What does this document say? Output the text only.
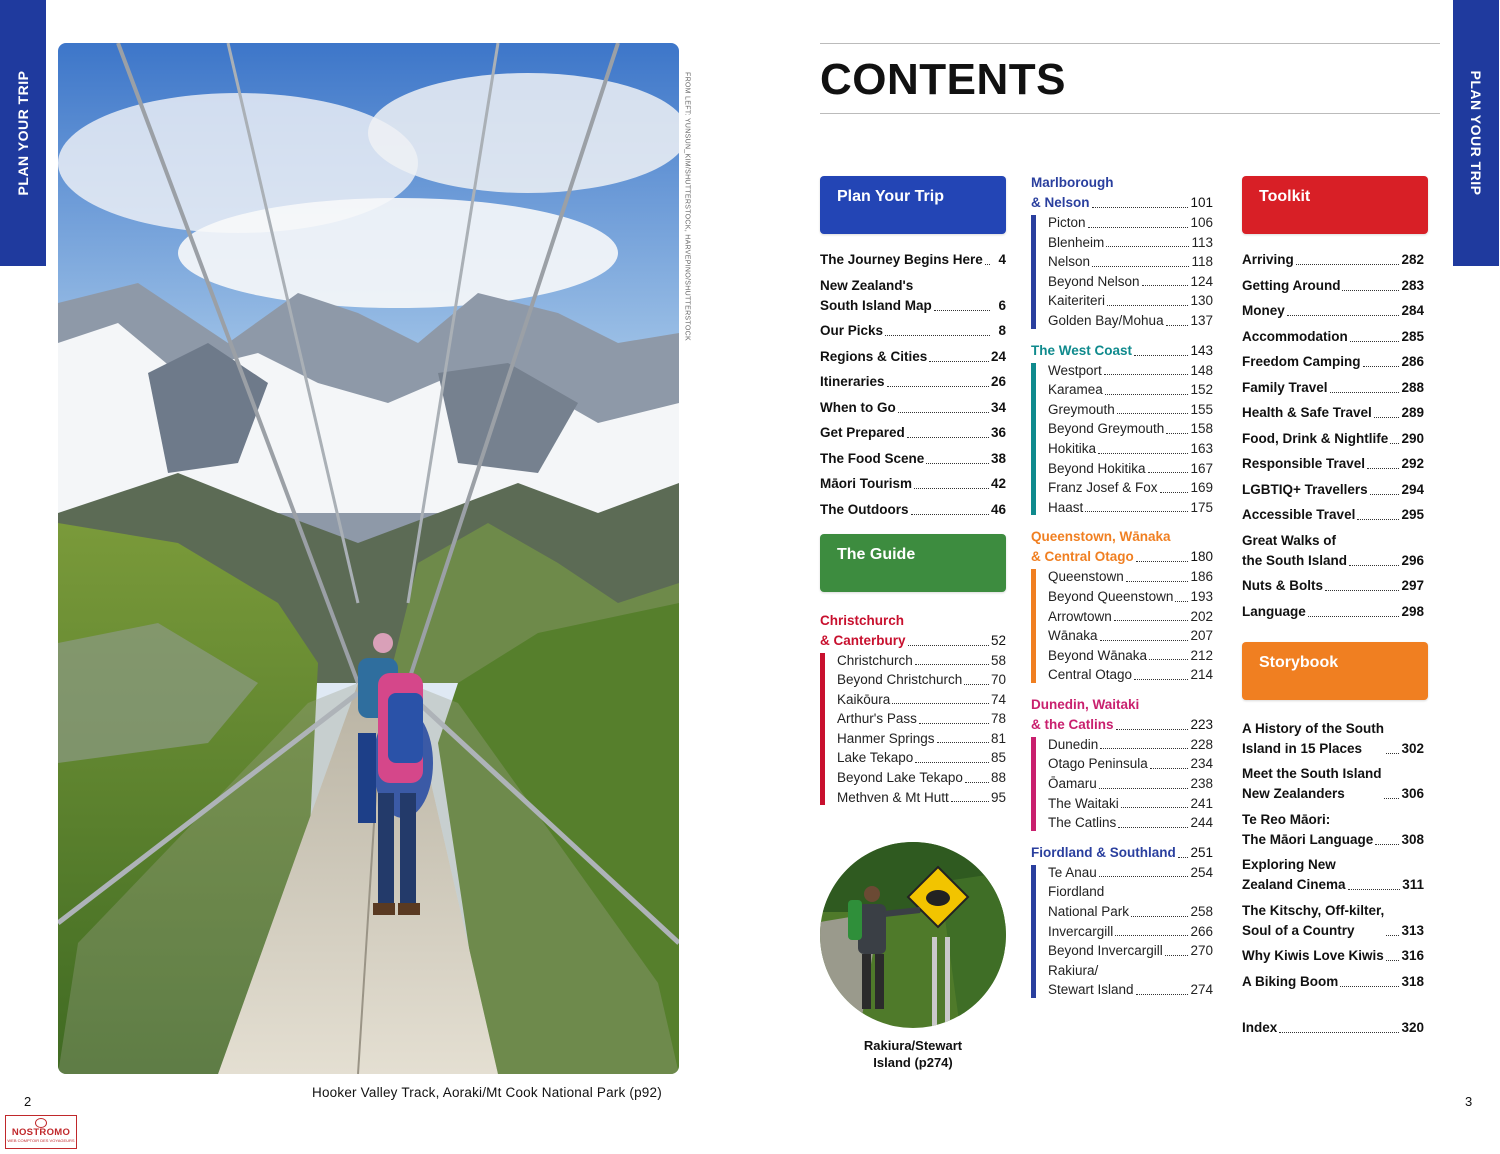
PLAN YOUR TRIP	PLAN YOUR TRIP
FROM LEFT: YUNSUN_KIM/SHUTTERSTOCK, HARVEPINO/SHUTTERSTOCK
Hooker Valley Track, Aoraki/Mt Cook National Park (p92)
2	3
NOSTROMO
WEB COMPTOIR DES VOYAGEURS
CONTENTS
Plan Your Trip
The Journey Begins Here	4
New Zealand's
South Island Map	6
Our Picks	8
Regions & Cities	24
Itineraries	26
When to Go	34
Get Prepared	36
The Food Scene	38
Māori Tourism	42
The Outdoors	46
The Guide
Christchurch
& Canterbury	52
Christchurch	58
Beyond Christchurch 70
Kaikōura	74
Arthur's Pass	78
Hanmer Springs	81
Lake Tekapo	85
Beyond Lake Tekapo 88
Methven & Mt Hutt	95
Rakiura/Stewart
Island (p274)
Marlborough
& Nelson	101
Picton	106
Blenheim	113
Nelson	118
Beyond Nelson	124
Kaiteriteri	130
Golden Bay/Mohua 137
The West Coast	143
Westport	148
Karamea	152
Greymouth	155
Beyond Greymouth 158
Hokitika	163
Beyond Hokitika	167
Franz Josef & Fox 169
Haast	175
Queenstown, Wānaka
& Central Otago	180
Queenstown	186
Beyond Queenstown 193
Arrowtown	202
Wānaka	207
Beyond Wānaka	212
Central Otago	214
Dunedin, Waitaki
& the Catlins	223
Dunedin	228
Otago Peninsula	234
Ōamaru	238
The Waitaki	241
The Catlins	244
Fiordland & Southland 251
Te Anau	254
Fiordland
National Park	258
Invercargill	266
Beyond Invercargill 270
Rakiura/
Stewart Island	274
Toolkit
Arriving	282
Getting Around	283
Money	284
Accommodation	285
Freedom Camping	286
Family Travel	288
Health & Safe Travel 289
Food, Drink & Nightlife 290
Responsible Travel	292
LGBTIQ+ Travellers	294
Accessible Travel	295
Great Walks of
the South Island	296
Nuts & Bolts	297
Language	298
Storybook
A History of the South
Island in 15 Places	302
Meet the South Island
New Zealanders	306
Te Reo Māori:
The Māori Language 308
Exploring New
Zealand Cinema	311
The Kitschy, Off-kilter,
Soul of a Country	313
Why Kiwis Love Kiwis 316
A Biking Boom	318
Index	320
